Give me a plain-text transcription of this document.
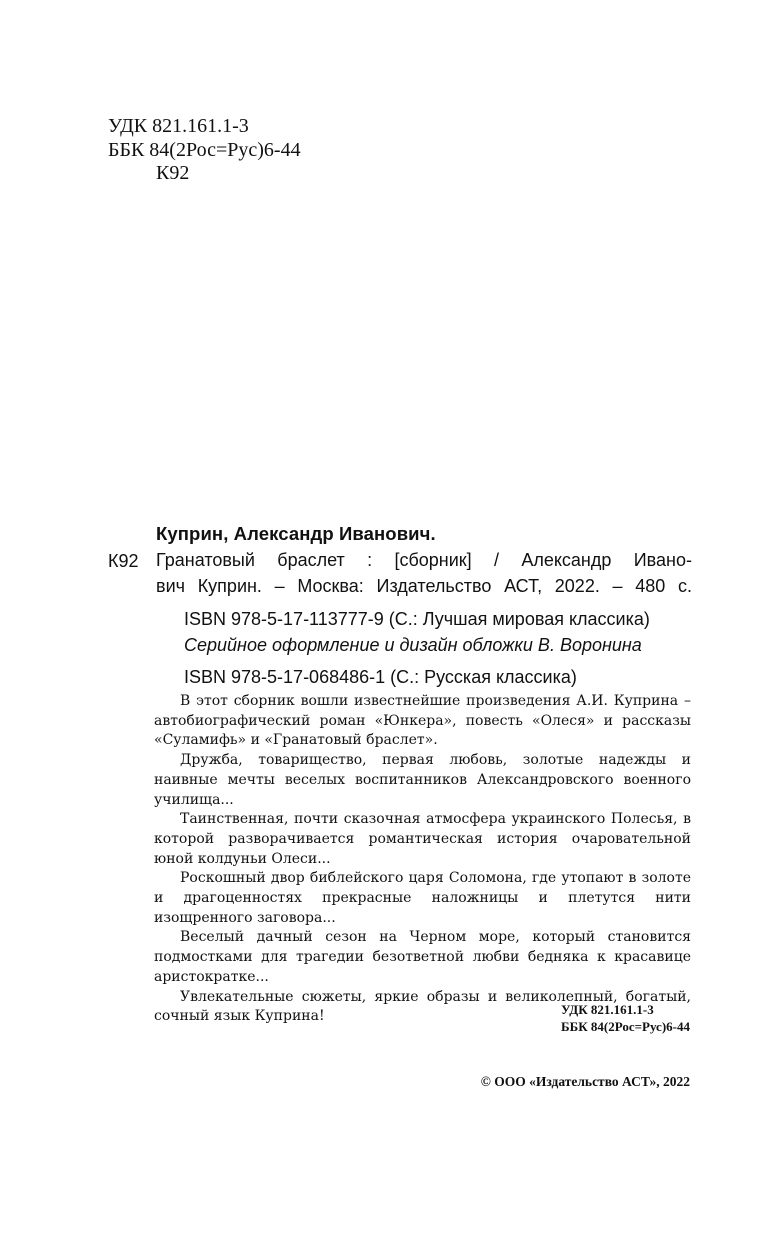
УДК 821.161.1-3
ББК 84(2Рос=Рус)6-44
К92
Куприн, Александр Иванович.
К92 Гранатовый браслет : [сборник] / Александр Ивано-
вич Куприн. – Москва: Издательство АСТ, 2022. – 480 с.
ISBN 978-5-17-113777-9 (С.: Лучшая мировая классика)
Серийное оформление и дизайн обложки В. Воронина
ISBN 978-5-17-068486-1 (С.: Русская классика)

В этот сборник вошли известнейшие произведения А.И. Куприна – автобиографический роман «Юнкера», повесть «Олеся» и рассказы «Суламифь» и «Гранатовый браслет».

Дружба, товарищество, первая любовь, золотые надежды и наивные мечты веселых воспитанников Александровского военного училища...

Таинственная, почти сказочная атмосфера украинского Полесья, в которой разворачивается романтическая история очаровательной юной колдуньи Олеси...

Роскошный двор библейского царя Соломона, где утопают в золоте и драгоценностях прекрасные наложницы и плетутся нити изощренного заговора...

Веселый дачный сезон на Черном море, который становится подмостками для трагедии безответной любви бедняка к красавице аристократке...

Увлекательные сюжеты, яркие образы и великолепный, богатый, сочный язык Куприна!	УДК 821.161.1-3
ББК 84(2Рос=Рус)6-44
© ООО «Издательство АСТ», 2022
